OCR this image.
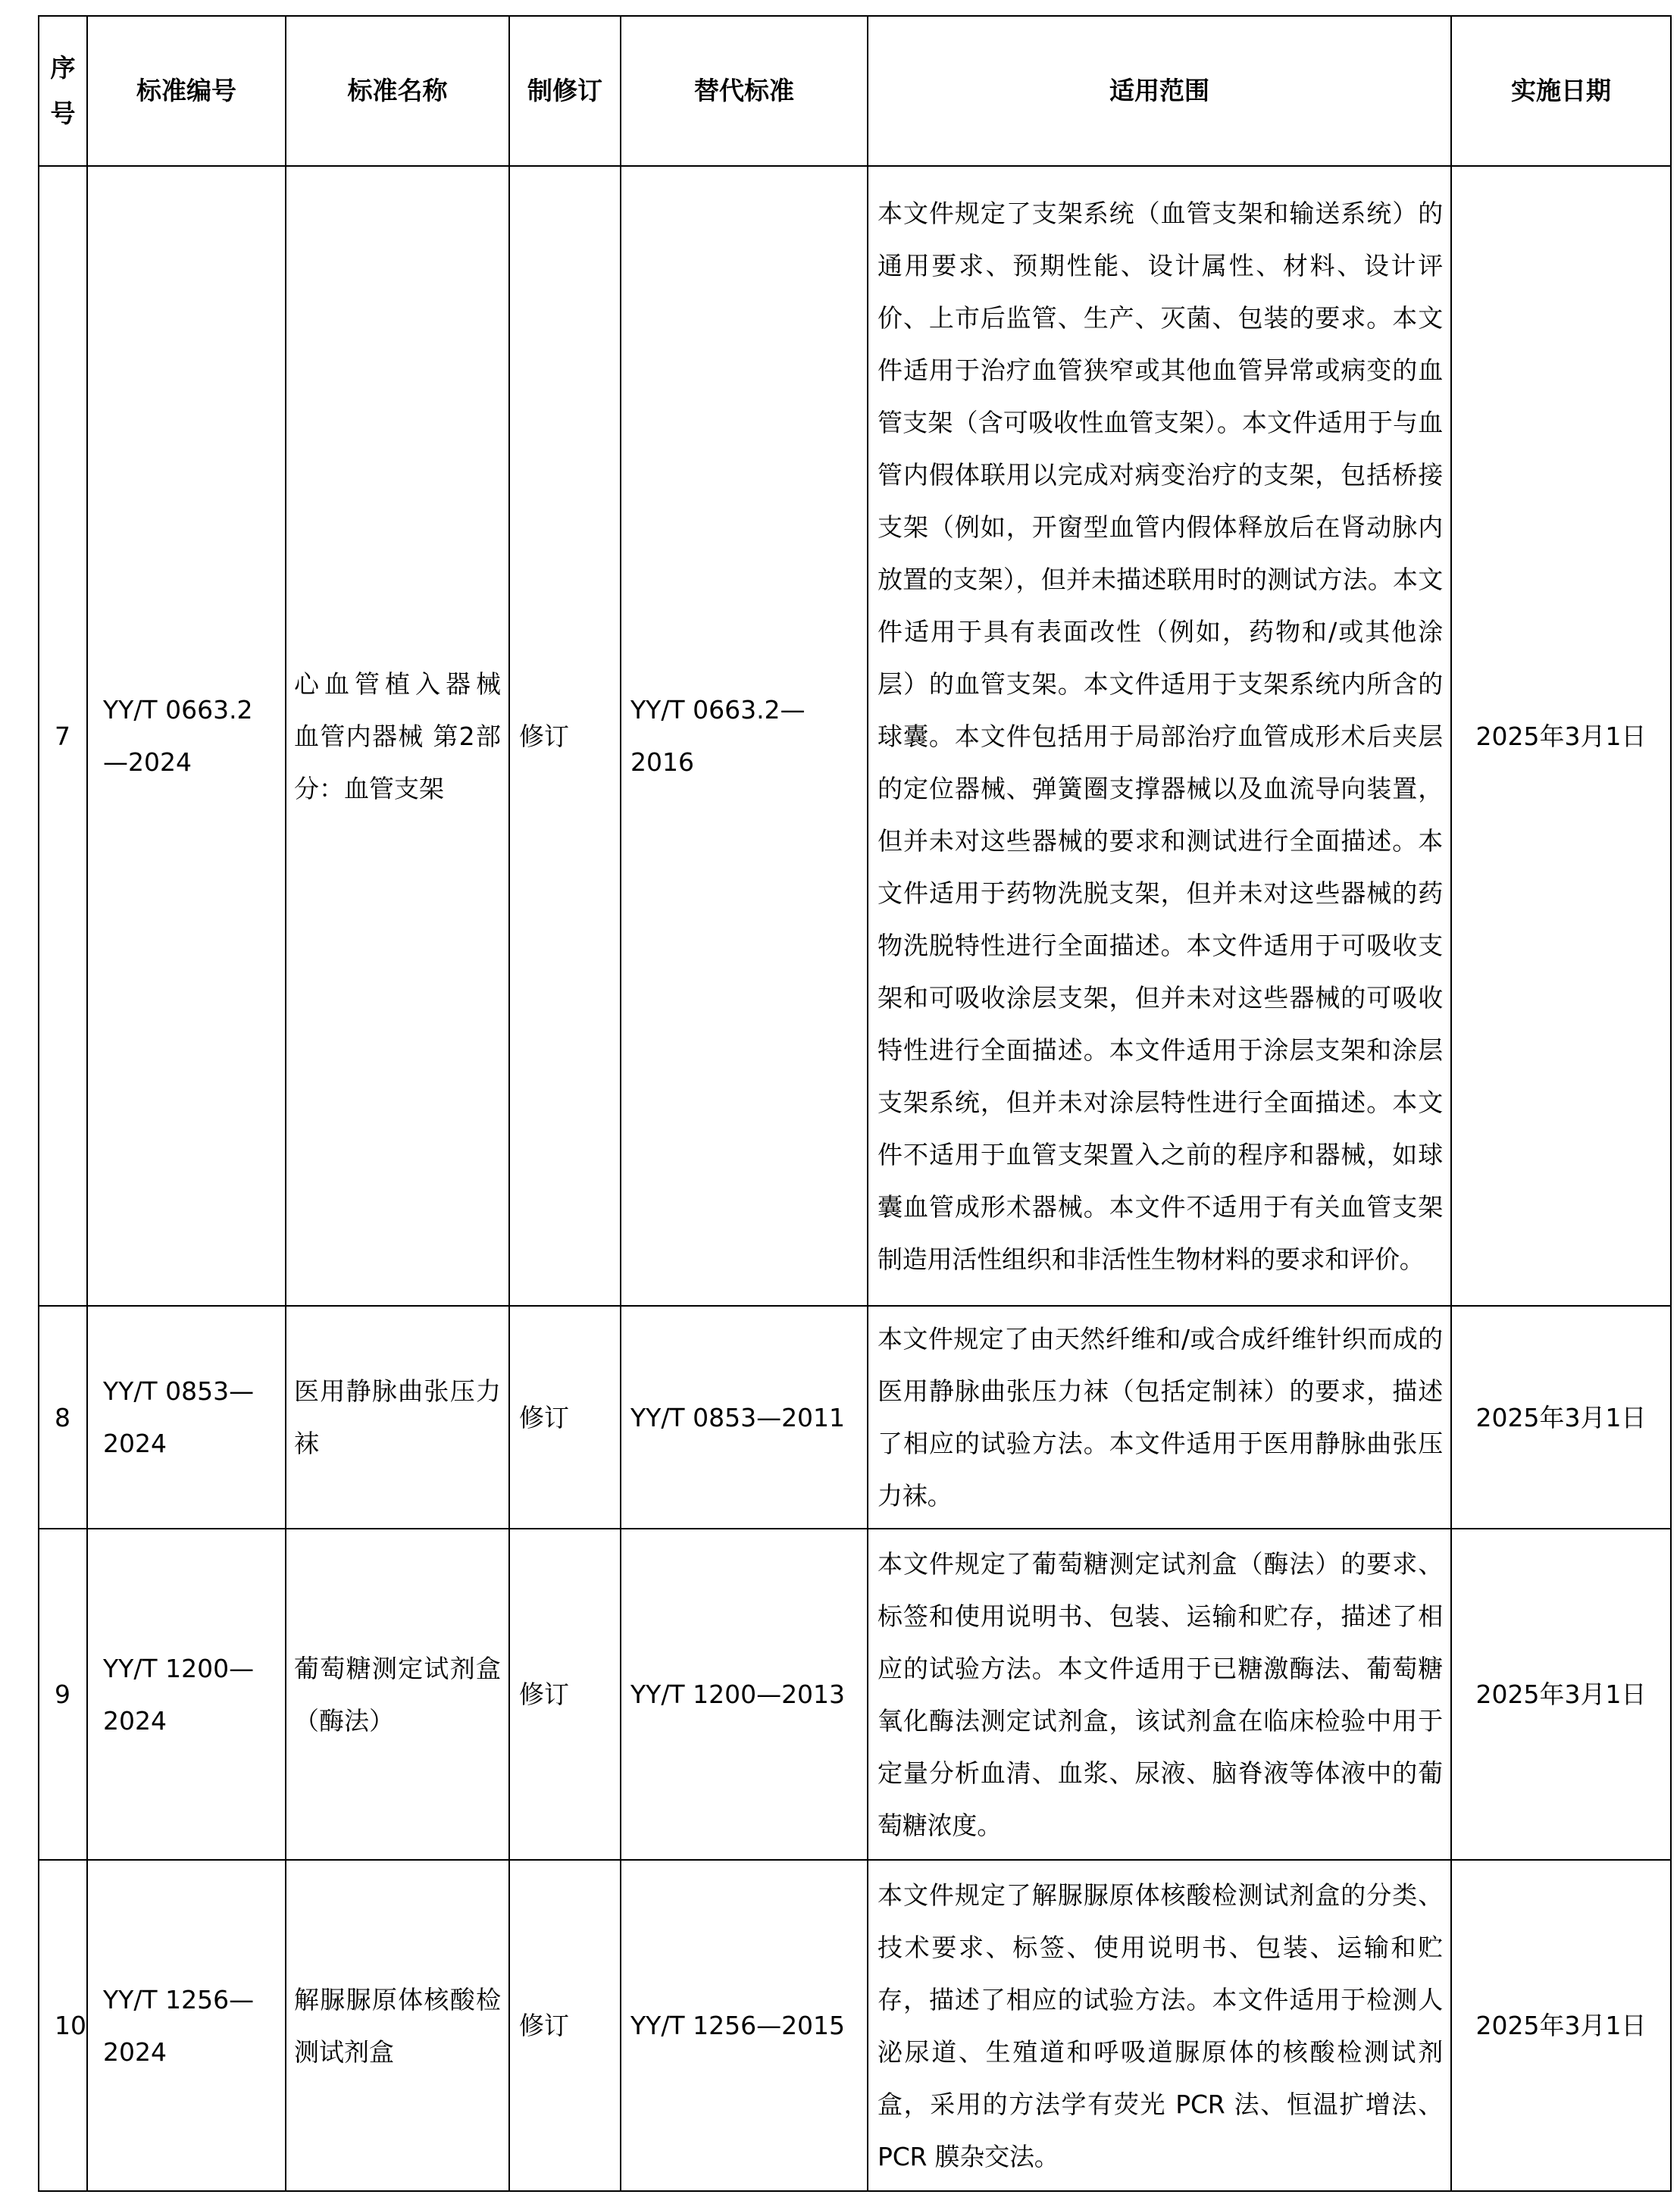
序号	标准编号	标准名称	制修订	替代标准	适用范围	实施日期
7	YY/T 0663.2—2024	心血管植入器械 血管内器械 第2部分：血管支架	修订	YY/T 0663.2—2016	本文件规定了支架系统（血管支架和输送系统）的通用要求、预期性能、设计属性、材料、设计评价、上市后监管、生产、灭菌、包装的要求。本文件适用于治疗血管狭窄或其他血管异常或病变的血管支架（含可吸收性血管支架）。本文件适用于与血管内假体联用以完成对病变治疗的支架，包括桥接支架（例如，开窗型血管内假体释放后在肾动脉内放置的支架），但并未描述联用时的测试方法。本文件适用于具有表面改性（例如，药物和/或其他涂层）的血管支架。本文件适用于支架系统内所含的球囊。本文件包括用于局部治疗血管成形术后夹层的定位器械、弹簧圈支撑器械以及血流导向装置，但并未对这些器械的要求和测试进行全面描述。本文件适用于药物洗脱支架，但并未对这些器械的药物洗脱特性进行全面描述。本文件适用于可吸收支架和可吸收涂层支架，但并未对这些器械的可吸收特性进行全面描述。本文件适用于涂层支架和涂层支架系统，但并未对涂层特性进行全面描述。本文件不适用于血管支架置入之前的程序和器械，如球囊血管成形术器械。本文件不适用于有关血管支架制造用活性组织和非活性生物材料的要求和评价。	2025年3月1日
8	YY/T 0853—2024	医用静脉曲张压力袜	修订	YY/T 0853—2011	本文件规定了由天然纤维和/或合成纤维针织而成的医用静脉曲张压力袜（包括定制袜）的要求，描述了相应的试验方法。本文件适用于医用静脉曲张压力袜。	2025年3月1日
9	YY/T 1200—2024	葡萄糖测定试剂盒（酶法）	修订	YY/T 1200—2013	本文件规定了葡萄糖测定试剂盒（酶法）的要求、标签和使用说明书、包装、运输和贮存，描述了相应的试验方法。本文件适用于已糖激酶法、葡萄糖氧化酶法测定试剂盒，该试剂盒在临床检验中用于定量分析血清、血浆、尿液、脑脊液等体液中的葡萄糖浓度。	2025年3月1日
10	YY/T 1256—2024	解脲脲原体核酸检测试剂盒	修订	YY/T 1256—2015	本文件规定了解脲脲原体核酸检测试剂盒的分类、技术要求、标签、使用说明书、包装、运输和贮存，描述了相应的试验方法。本文件适用于检测人泌尿道、生殖道和呼吸道脲原体的核酸检测试剂盒，采用的方法学有荧光 PCR 法、恒温扩增法、PCR 膜杂交法。	2025年3月1日
